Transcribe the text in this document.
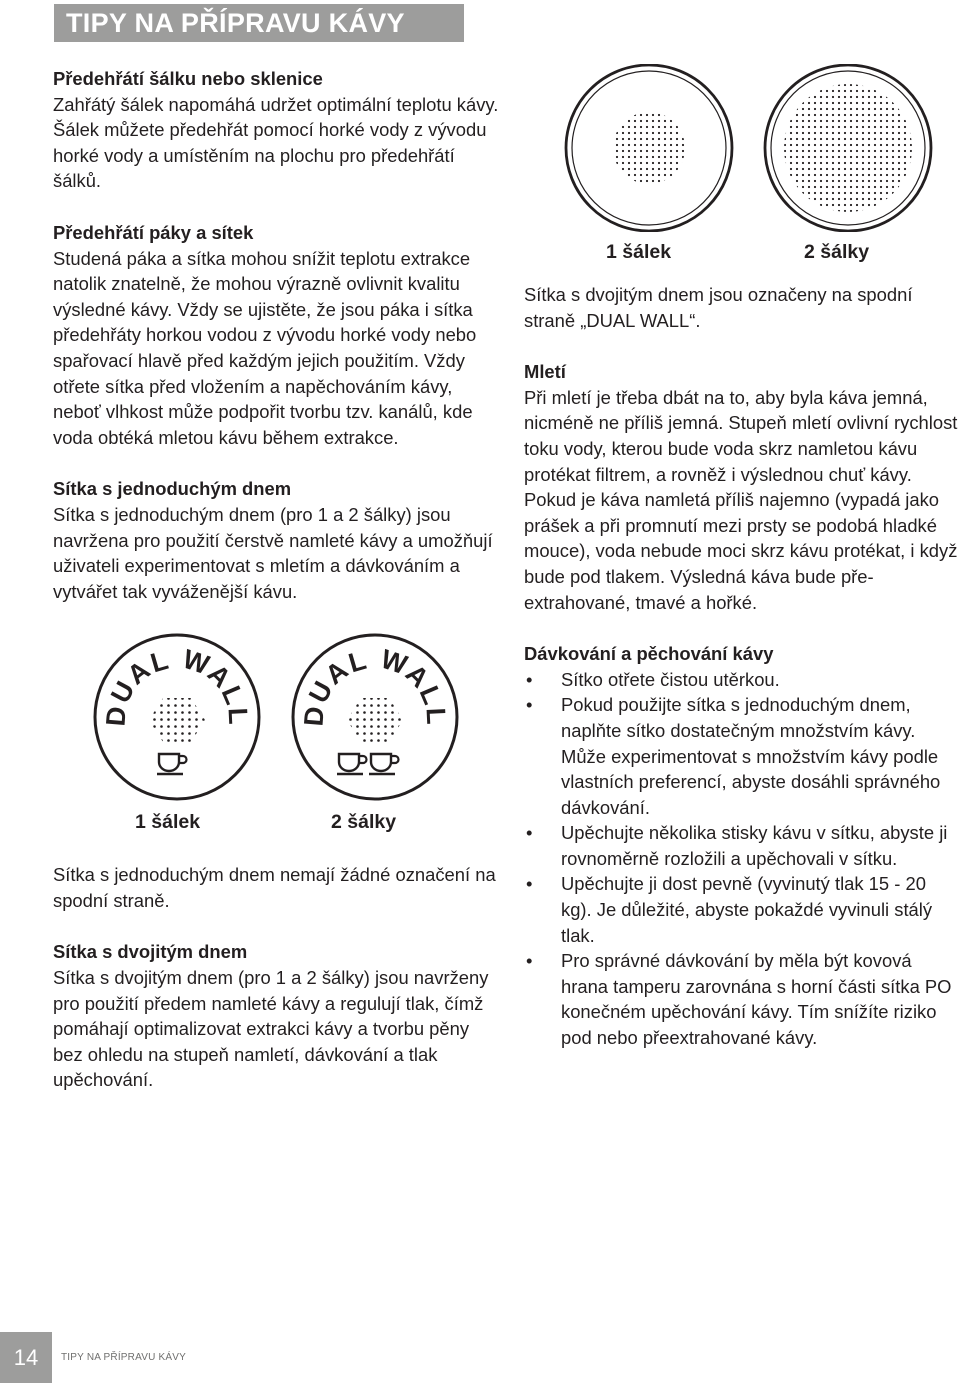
TIPY NA PŘÍPRAVU KÁVY
Předehřátí šálku nebo sklenice
Zahřátý šálek napomáhá udržet optimální teplotu kávy. Šálek můžete předehřát pomocí horké vody z vývodu horké vody a umístěním na plochu pro předehřátí šálků.
Předehřátí páky a sítek
Studená páka a sítka mohou snížit teplotu extrakce natolik znatelně, že mohou výrazně ovlivnit kvalitu výsledné kávy. Vždy se ujistěte, že jsou páka i sítka předehřáty horkou vodou z vývodu horké vody nebo spařovací hlavě před každým jejich použitím. Vždy otřete sítka před vložením a napěchováním kávy, neboť vlhkost může podpořit tvorbu tzv. kanálů, kde voda obtéká mletou kávu během extrakce.
Sítka s jednoduchým dnem
Sítka s jednoduchým dnem (pro 1 a 2 šálky) jsou navržena pro použití čerstvě namleté kávy a umožňují uživateli experimentovat s mletím a dávkováním a vytvářet tak vyváženější kávu.
DUAL WALL DUAL WALL
1 šálek	2 šálky
Sítka s jednoduchým dnem nemají žádné označení na spodní straně.
Sítka s dvojitým dnem
Sítka s dvojitým dnem (pro 1 a 2 šálky) jsou navrženy pro použití předem namleté kávy a regulují tlak, čímž pomáhají optimalizovat extrakci kávy a tvorbu pěny bez ohledu na stupeň namletí, dávkování a tlak upěchování.
1 šálek	2 šálky
Sítka s dvojitým dnem jsou označeny na spodní straně „DUAL WALL“.
Mletí
Při mletí je třeba dbát na to, aby byla káva jemná, nicméně ne příliš jemná. Stupeň mletí ovlivní rychlost toku vody, kterou bude voda skrz namletou kávu protékat filtrem, a rovněž i výslednou chuť kávy. Pokud je káva namletá příliš najemno (vypadá jako prášek a při promnutí mezi prsty se podobá hladké mouce), voda nebude moci skrz kávu protékat, i když bude pod tlakem. Výsledná káva bude pře-extrahované, tmavé a hořké.
Dávkování a pěchování kávy
• Sítko otřete čistou utěrkou.
• Pokud použijte sítka s jednoduchým dnem, naplňte sítko dostatečným množstvím kávy. Může experimentovat s množstvím kávy podle vlastních preferencí, abyste dosáhli správného dávkování.
• Upěchujte několika stisky kávu v sítku, abyste ji rovnoměrně rozložili a upěchovali v sítku.
• Upěchujte ji dost pevně (vyvinutý tlak 15 - 20 kg). Je důležité, abyste pokaždé vyvinuli stálý tlak.
• Pro správné dávkování by měla být kovová hrana tamperu zarovnána s horní části sítka PO konečném upěchování kávy. Tím snížíte riziko pod nebo přeextrahované kávy.
14	TIPY NA PŘÍPRAVU KÁVY
